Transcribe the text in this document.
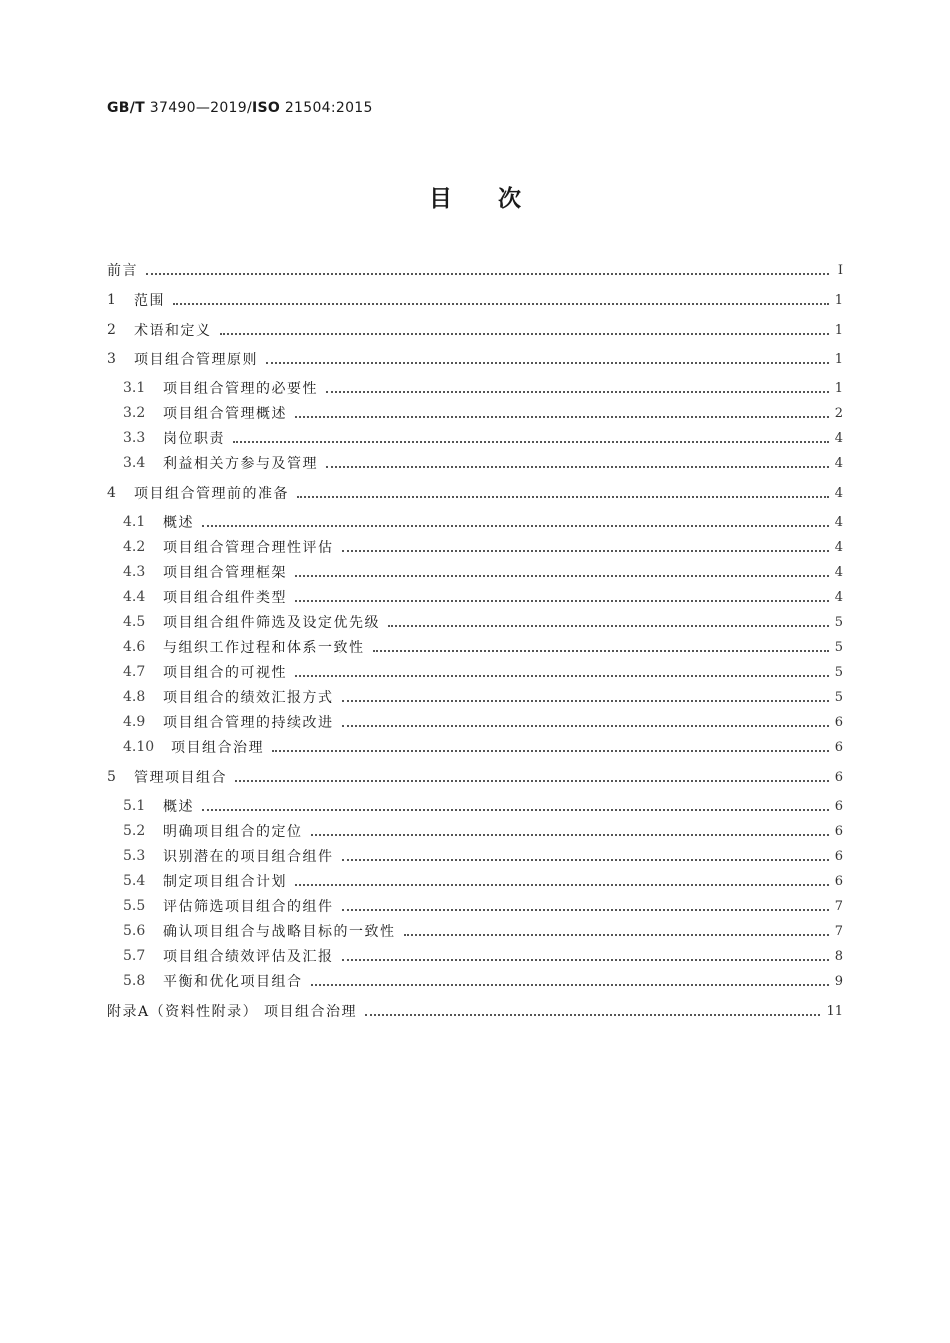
GB/T 37490—2019/ISO 21504:2015
目次
前言	Ⅰ
1	范围	1
2	术语和定义	1
3	项目组合管理原则	1
3.1	项目组合管理的必要性	1
3.2	项目组合管理概述	2
3.3	岗位职责	4
3.4	利益相关方参与及管理	4
4	项目组合管理前的准备	4
4.1	概述	4
4.2	项目组合管理合理性评估	4
4.3	项目组合管理框架	4
4.4	项目组合组件类型	4
4.5	项目组合组件筛选及设定优先级	5
4.6	与组织工作过程和体系一致性	5
4.7	项目组合的可视性	5
4.8	项目组合的绩效汇报方式	5
4.9	项目组合管理的持续改进	6
4.10	项目组合治理	6
5	管理项目组合	6
5.1	概述	6
5.2	明确项目组合的定位	6
5.3	识别潜在的项目组合组件	6
5.4	制定项目组合计划	6
5.5	评估筛选项目组合的组件	7
5.6	确认项目组合与战略目标的一致性	7
5.7	项目组合绩效评估及汇报	8
5.8	平衡和优化项目组合	9
附录A（资料性附录） 项目组合治理	11
